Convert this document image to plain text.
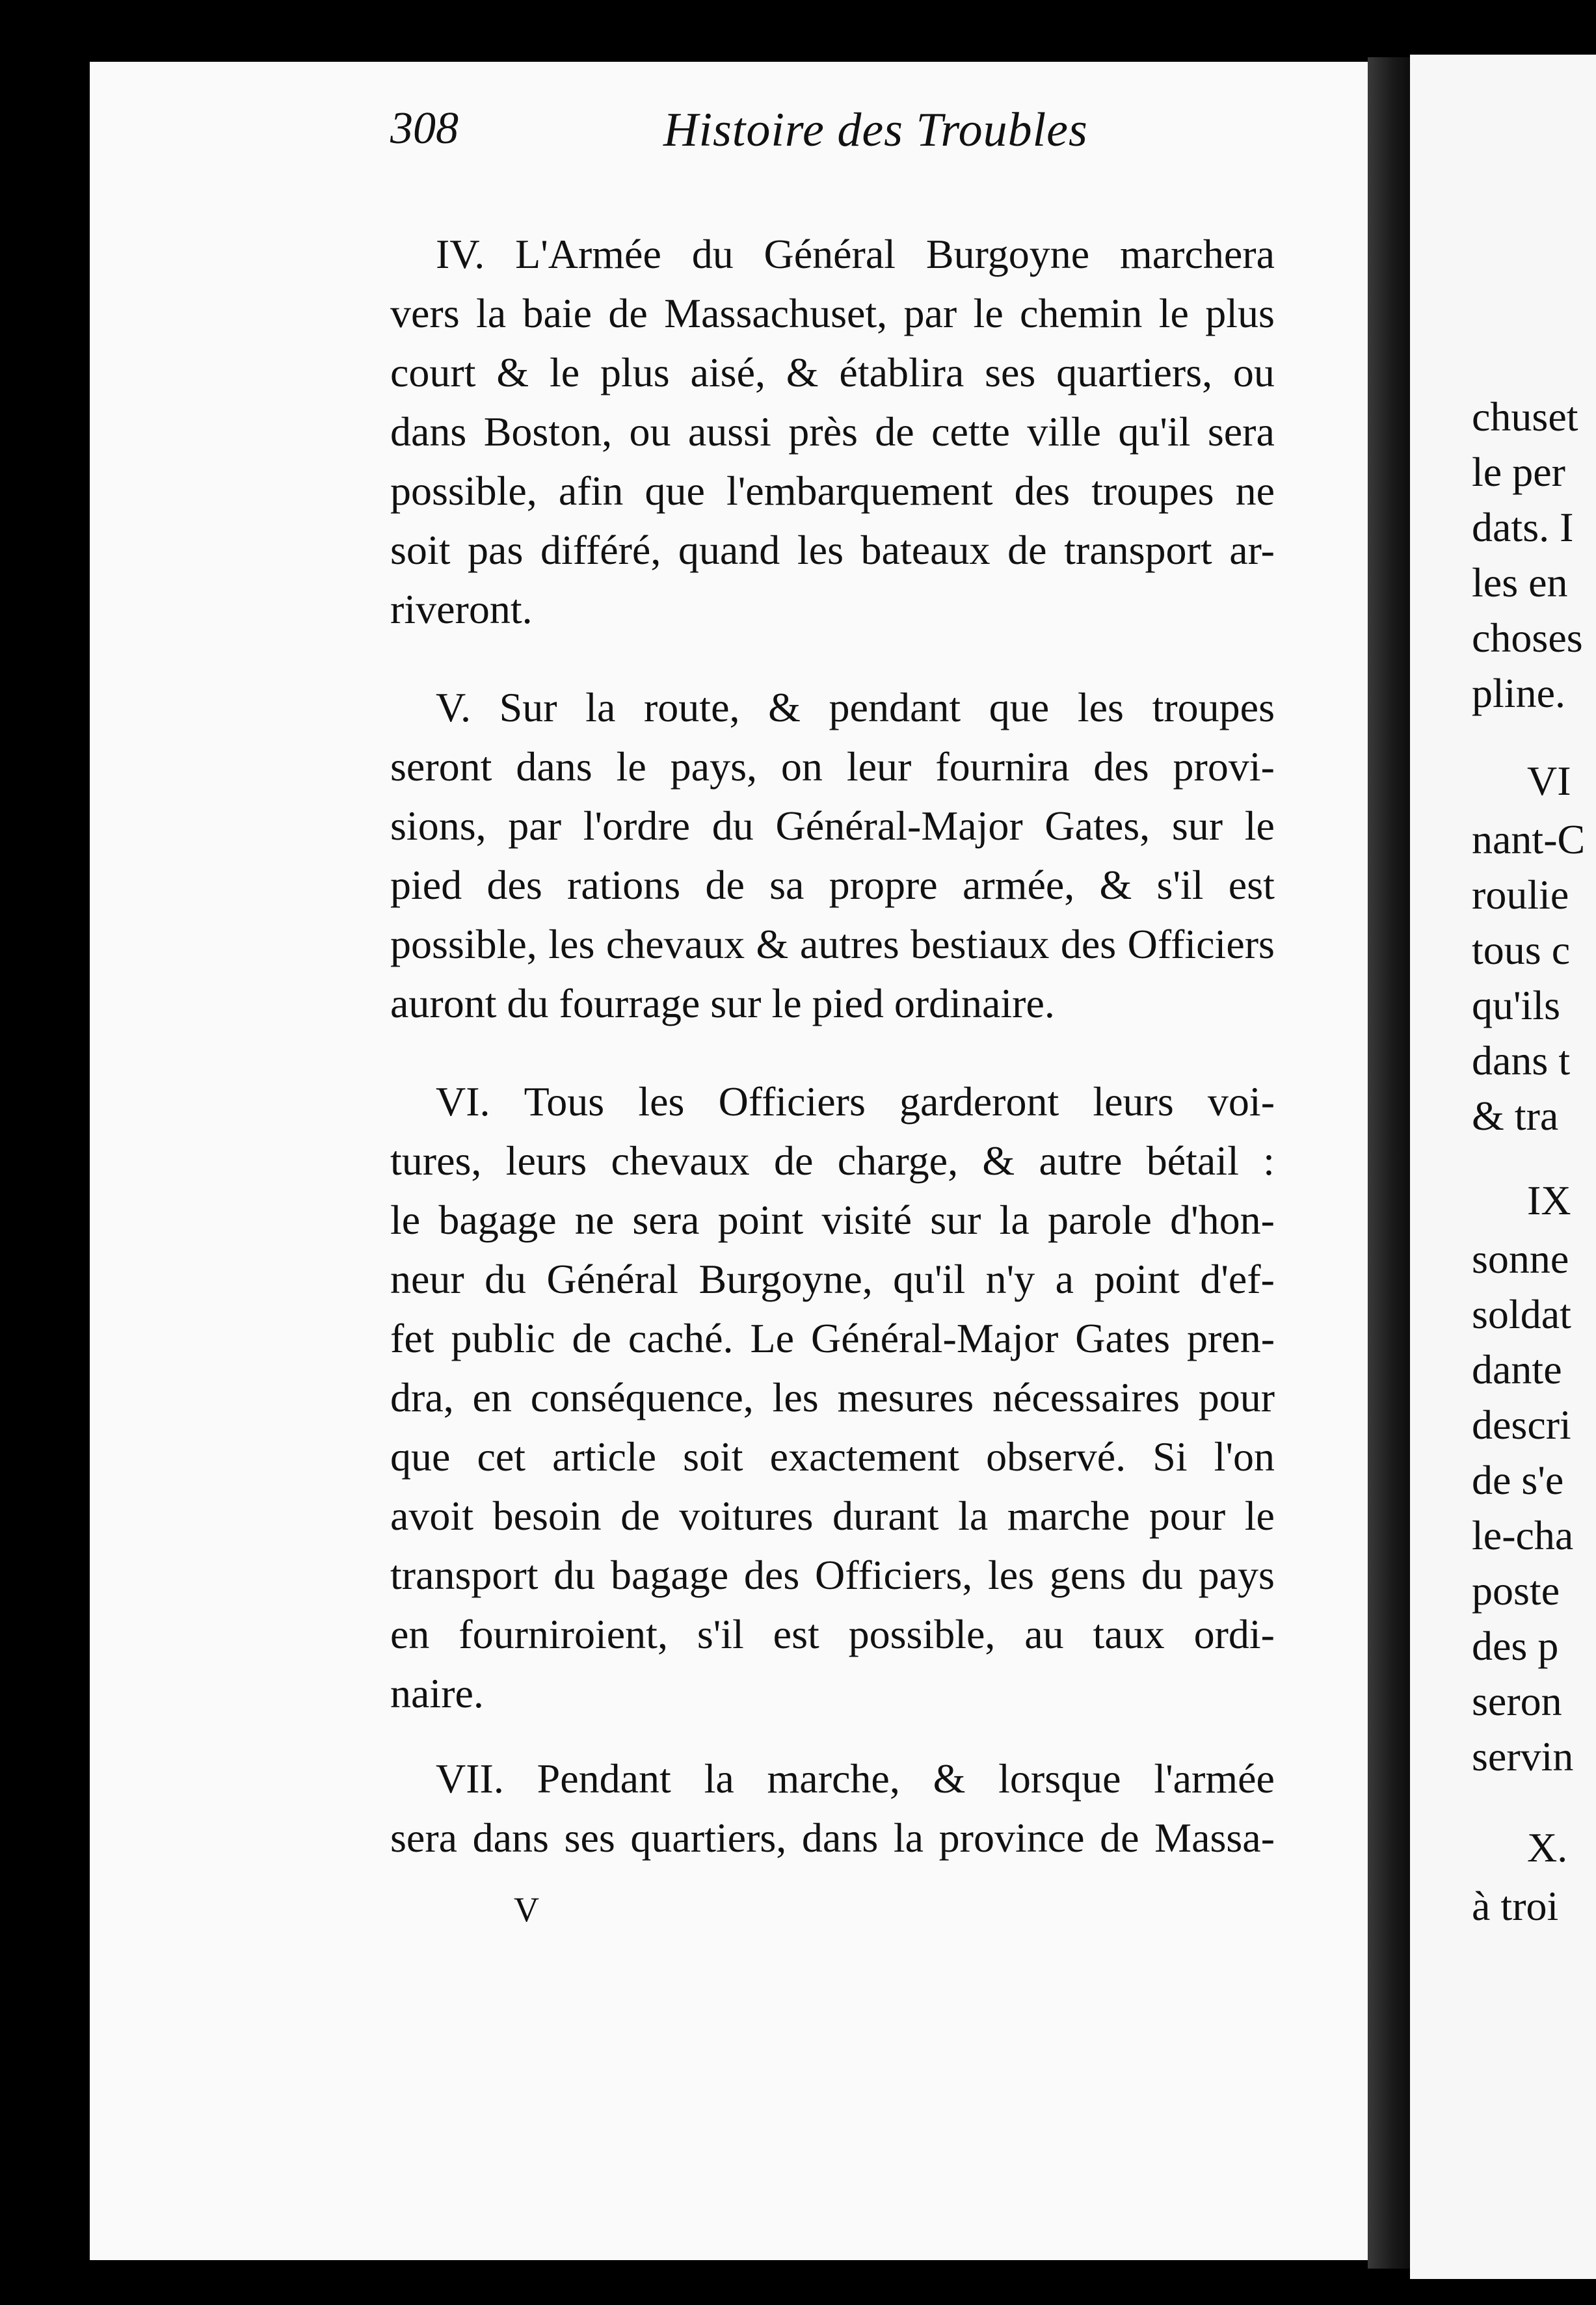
chuset
le per
dats. I
les en
choses
pline.
VI
nant-C
roulie
tous c
qu'ils
dans t
& tra
IX
sonne
soldat
dante
descri
de s'e
le-cha
poste
des p
seron
servin
X.
à troi
308	Histoire des Troubles
IV. L'Armée du Général Burgoyne marchera
vers la baie de Massachuset, par le chemin le plus
court & le plus aisé, & établira ses quartiers, ou
dans Boston, ou aussi près de cette ville qu'il sera
possible, afin que l'embarquement des troupes ne
soit pas différé, quand les bateaux de transport ar-
riveront.
V. Sur la route, & pendant que les troupes
seront dans le pays, on leur fournira des provi-
sions, par l'ordre du Général-Major Gates, sur le
pied des rations de sa propre armée, & s'il est
possible, les chevaux & autres bestiaux des Officiers
auront du fourrage sur le pied ordinaire.
VI. Tous les Officiers garderont leurs voi-
tures, leurs chevaux de charge, & autre bétail :
le bagage ne sera point visité sur la parole d'hon-
neur du Général Burgoyne, qu'il n'y a point d'ef-
fet public de caché. Le Général-Major Gates pren-
dra, en conséquence, les mesures nécessaires pour
que cet article soit exactement observé. Si l'on
avoit besoin de voitures durant la marche pour le
transport du bagage des Officiers, les gens du pays
en fourniroient, s'il est possible, au taux ordi-
naire.
VII. Pendant la marche, & lorsque l'armée
sera dans ses quartiers, dans la province de Massa-
V
